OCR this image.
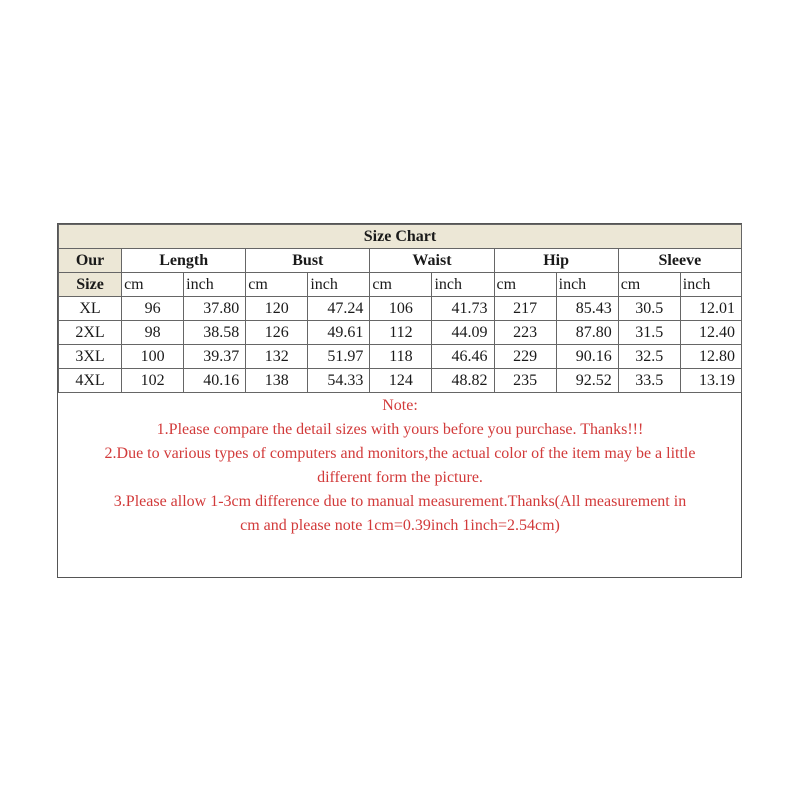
Size Chart										
Our	Length		Bust		Waist		Hip		Sleeve	
Size	cm	inch	cm	inch	cm	inch	cm	inch	cm	inch
XL	96	37.80	120	47.24	106	41.73	217	85.43	30.5	12.01
2XL	98	38.58	126	49.61	112	44.09	223	87.80	31.5	12.40
3XL	100	39.37	132	51.97	118	46.46	229	90.16	32.5	12.80
4XL	102	40.16	138	54.33	124	48.82	235	92.52	33.5	13.19
Note:
1.Please compare the detail sizes with yours before you purchase. Thanks!!!
2.Due to various types of computers and monitors,the actual color of the item may be a little
different form the picture.
3.Please allow 1-3cm difference due to manual measurement.Thanks(All measurement in
cm and please note 1cm=0.39inch 1inch=2.54cm)
